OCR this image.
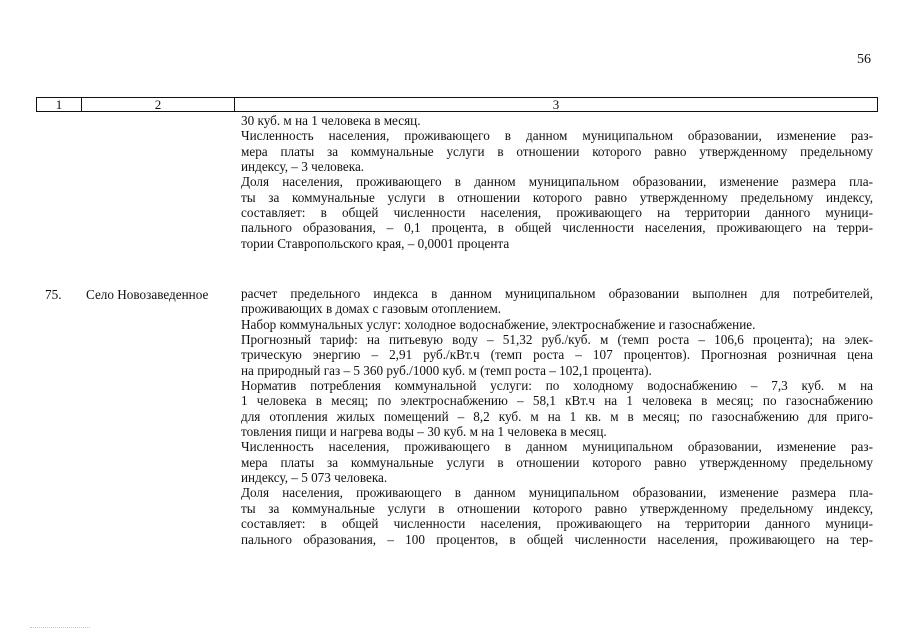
56
1	2	3
30 куб. м на 1 человека в месяц.
Численность населения, проживающего в данном муниципальном образовании, изменение раз-
мера платы за коммунальные услуги в отношении которого равно утвержденному предельному
индексу, – 3 человека.
Доля населения, проживающего в данном муниципальном образовании, изменение размера пла-
ты за коммунальные услуги в отношении которого равно утвержденному предельному индексу,
составляет: в общей численности населения, проживающего на территории данного муници-
пального образования, – 0,1 процента, в общей численности населения, проживающего на терри-
тории Ставропольского края, – 0,0001 процента
75. Село Новозаведенное расчет предельного индекса в данном муниципальном образовании выполнен для потребителей,
проживающих в домах с газовым отоплением.
Набор коммунальных услуг: холодное водоснабжение, электроснабжение и газоснабжение.
Прогнозный тариф: на питьевую воду – 51,32 руб./куб. м (темп роста – 106,6 процента); на элек-
трическую энергию – 2,91 руб./кВт.ч (темп роста – 107 процентов). Прогнозная розничная цена
на природный газ – 5 360 руб./1000 куб. м (темп роста – 102,1 процента).
Норматив потребления коммунальной услуги: по холодному водоснабжению – 7,3 куб. м на
1 человека в месяц; по электроснабжению – 58,1 кВт.ч на 1 человека в месяц; по газоснабжению
для отопления жилых помещений – 8,2 куб. м на 1 кв. м в месяц; по газоснабжению для приго-
товления пищи и нагрева воды – 30 куб. м на 1 человека в месяц.
Численность населения, проживающего в данном муниципальном образовании, изменение раз-
мера платы за коммунальные услуги в отношении которого равно утвержденному предельному
индексу, – 5 073 человека.
Доля населения, проживающего в данном муниципальном образовании, изменение размера пла-
ты за коммунальные услуги в отношении которого равно утвержденному предельному индексу,
составляет: в общей численности населения, проживающего на территории данного муници-
пального образования, – 100 процентов, в общей численности населения, проживающего на тер-
